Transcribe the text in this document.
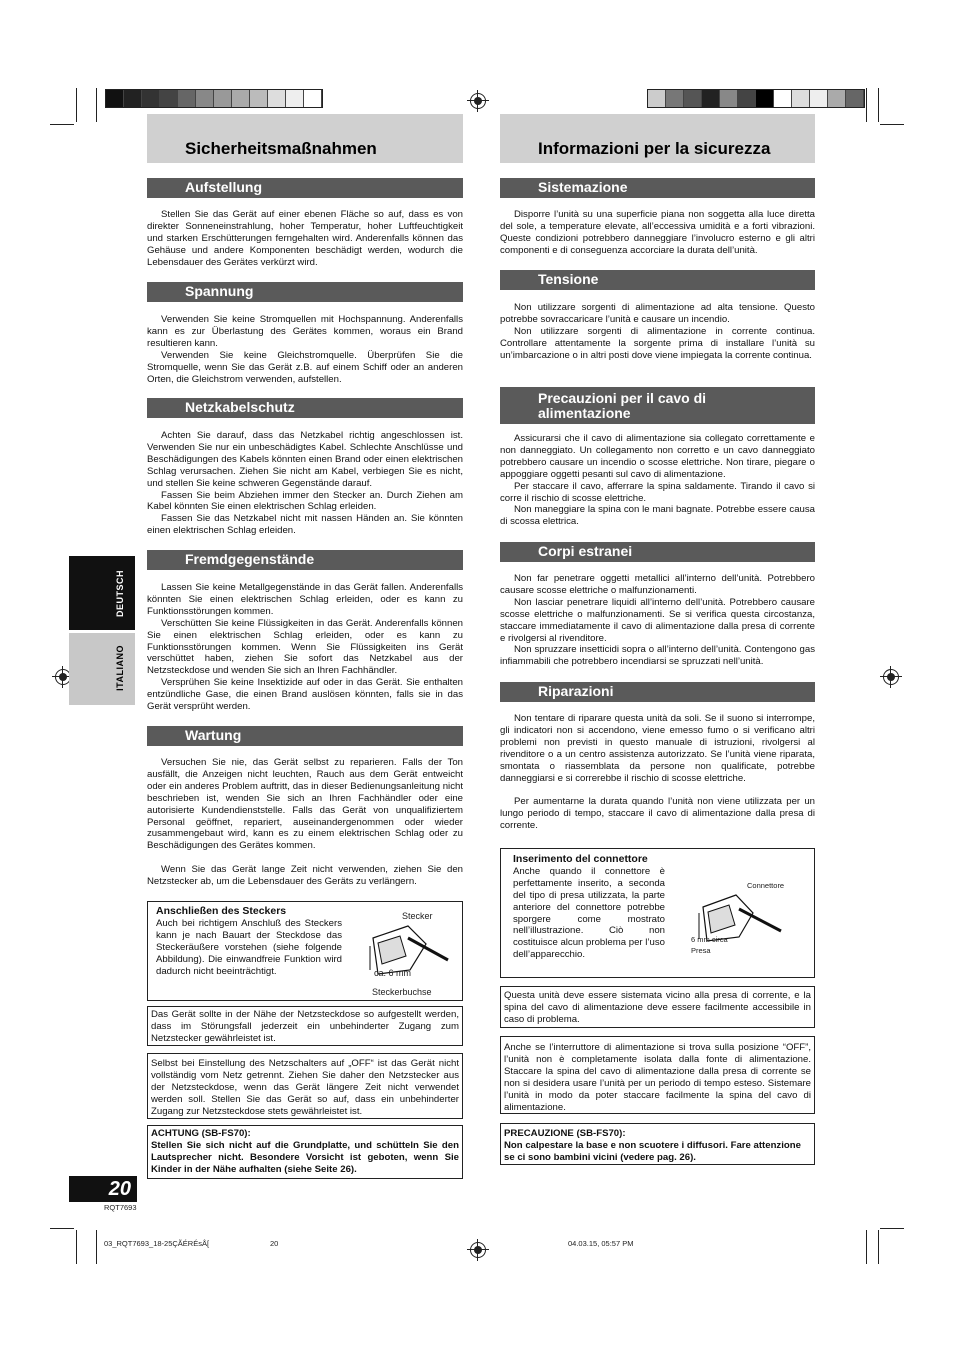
DEUTSCH
ITALIANO
Sicherheitsmaßnahmen
Aufstellung

Stellen Sie das Gerät auf einer ebenen Fläche so auf, dass es von direkter Sonneneinstrahlung, hoher Temperatur, hoher Luftfeuchtigkeit und starken Erschütterungen ferngehalten wird. Anderenfalls können das Gehäuse und andere Komponenten beschädigt werden, wodurch die Lebensdauer des Gerätes verkürzt wird.

Spannung

Verwenden Sie keine Stromquellen mit Hochspannung. Anderenfalls kann es zur Überlastung des Gerätes kommen, woraus ein Brand resultieren kann.

Verwenden Sie keine Gleichstromquelle. Überprüfen Sie die Stromquelle, wenn Sie das Gerät z.B. auf einem Schiff oder an anderen Orten, die Gleichstrom verwenden, aufstellen.

Netzkabelschutz

Achten Sie darauf, dass das Netzkabel richtig angeschlossen ist. Verwenden Sie nur ein unbeschädigtes Kabel. Schlechte Anschlüsse und Beschädigungen des Kabels könnten einen Brand oder einen elektrischen Schlag verursachen. Ziehen Sie nicht am Kabel, verbiegen Sie es nicht, und stellen Sie keine schweren Gegenstände darauf.

Fassen Sie beim Abziehen immer den Stecker an. Durch Ziehen am Kabel könnten Sie einen elektrischen Schlag erleiden.

Fassen Sie das Netzkabel nicht mit nassen Händen an. Sie könnten einen elektrischen Schlag erleiden.

Fremdgegenstände

Lassen Sie keine Metallgegenstände in das Gerät fallen. Anderenfalls könnten Sie einen elektrischen Schlag erleiden, oder es kann zu Funktionsstörungen kommen.

Verschütten Sie keine Flüssigkeiten in das Gerät. Anderenfalls können Sie einen elektrischen Schlag erleiden, oder es kann zu Funktionsstörungen kommen. Wenn Sie Flüssigkeiten ins Gerät verschüttet haben, ziehen Sie sofort das Netzkabel aus der Netzsteckdose und wenden Sie sich an Ihren Fachhändler.

Versprühen Sie keine Insektizide auf oder in das Gerät. Sie enthalten entzündliche Gase, die einen Brand auslösen könnten, falls sie in das Gerät versprüht werden.

Wartung

Versuchen Sie nie, das Gerät selbst zu reparieren. Falls der Ton ausfällt, die Anzeigen nicht leuchten, Rauch aus dem Gerät entweicht oder ein anderes Problem auftritt, das in dieser Bedienungsanleitung nicht beschrieben ist, wenden Sie sich an Ihren Fachhändler oder eine autorisierte Kundendienststelle. Falls das Gerät von unqualifiziertem Personal geöffnet, repariert, auseinandergenommen oder wieder zusammengebaut wird, kann es zu einem elektrischen Schlag oder zu Beschädigungen des Gerätes kommen.

Wenn Sie das Gerät lange Zeit nicht verwenden, ziehen Sie den Netzstecker ab, um die Lebensdauer des Geräts zu verlängern.

Anschließen des Steckers

Auch bei richtigem Anschluß des Steckers kann je nach Bauart der Steckdose das Steckeräußere vorstehen (siehe folgende Abbildung). Die einwandfreie Funktion wird dadurch nicht beeinträchtigt.

Stecker
ca. 6 mm
Steckerbuchse

Das Gerät sollte in der Nähe der Netzsteckdose so aufgestellt werden, dass im Störungsfall jederzeit ein unbehinderter Zugang zum Netzstecker gewährleistet ist.

Selbst bei Einstellung des Netzschalters auf „OFF“ ist das Gerät nicht vollständig vom Netz getrennt. Ziehen Sie daher den Netzstecker aus der Netzsteckdose, wenn das Gerät längere Zeit nicht verwendet werden soll. Stellen Sie das Gerät so auf, dass ein unbehinderter Zugang zur Netzsteckdose stets gewährleistet ist.

ACHTUNG (SB-FS70):

Stellen Sie sich nicht auf die Grundplatte, und schütteln Sie den Lautsprecher nicht. Besondere Vorsicht ist geboten, wenn Sie Kinder in der Nähe aufhalten (siehe Seite 26).

Informazioni per la sicurezza
Sistemazione

Disporre l’unità su una superficie piana non soggetta alla luce diretta del sole, a temperature elevate, all’eccessiva umidità e a forti vibrazioni. Queste condizioni potrebbero danneggiare l’involucro esterno e gli altri componenti e di conseguenza accorciare la durata dell’unità.

Tensione

Non utilizzare sorgenti di alimentazione ad alta tensione. Questo potrebbe sovraccaricare l’unità e causare un incendio.

Non utilizzare sorgenti di alimentazione in corrente continua. Controllare attentamente la sorgente prima di installare l’unità su un’imbarcazione o in altri posti dove viene impiegata la corrente continua.

Precauzioni per il cavo di alimentazione

Assicurarsi che il cavo di alimentazione sia collegato correttamente e non danneggiato. Un collegamento non corretto e un cavo danneggiato potrebbero causare un incendio o scosse elettriche. Non tirare, piegare o appoggiare oggetti pesanti sul cavo di alimentazione.

Per staccare il cavo, afferrare la spina saldamente. Tirando il cavo si corre il rischio di scosse elettriche.

Non maneggiare la spina con le mani bagnate. Potrebbe essere causa di scossa elettrica.

Corpi estranei

Non far penetrare oggetti metallici all’interno dell’unità. Potrebbero causare scosse elettriche o malfunzionamenti.

Non lasciar penetrare liquidi all’interno dell’unità. Potrebbero causare scosse elettriche o malfunzionamenti. Se si verifica questa circostanza, staccare immediatamente il cavo di alimentazione dalla presa di corrente e rivolgersi al rivenditore.

Non spruzzare insetticidi sopra o all’interno dell’unità. Contengono gas infiammabili che potrebbero incendiarsi se spruzzati nell’unità.

Riparazioni

Non tentare di riparare questa unità da soli. Se il suono si interrompe, gli indicatori non si accendono, viene emesso fumo o si verificano altri problemi non previsti in questo manuale di istruzioni, rivolgersi al rivenditore o a un centro assistenza autorizzato. Se l’unità viene riparata, smontata o riassemblata da persone non qualificate, potrebbe danneggiarsi e si correrebbe il rischio di scosse elettriche.

Per aumentarne la durata quando l’unità non viene utilizzata per un lungo periodo di tempo, staccare il cavo di alimentazione dalla presa di corrente.

Inserimento del connettore

Anche quando il connettore è perfettamente inserito, a seconda del tipo di presa utilizzata, la parte anteriore del connettore potrebbe sporgere come mostrato nell’illustrazione. Ciò non costituisce alcun problema per l’uso dell’apparecchio.

Connettore
6 mm circa
Presa

Questa unità deve essere sistemata vicino alla presa di corrente, e la spina del cavo di alimentazione deve essere facilmente accessibile in caso di problema.

Anche se l’interruttore di alimentazione si trova sulla posizione “OFF”, l’unità non è completamente isolata dalla fonte di alimentazione. Staccare la spina del cavo di alimentazione dalla presa di corrente se non si desidera usare l’unità per un periodo di tempo esteso. Sistemare l’unità in modo da poter staccare facilmente la spina del cavo di alimentazione.

PRECAUZIONE (SB-FS70):

Non calpestare la base e non scuotere i diffusori. Fare attenzione se ci sono bambini vicini (vedere pag. 26).

20
RQT7693
03_RQT7693_18-25ÇÃÉRÉsÅ[	20	04.03.15, 05:57 PM
